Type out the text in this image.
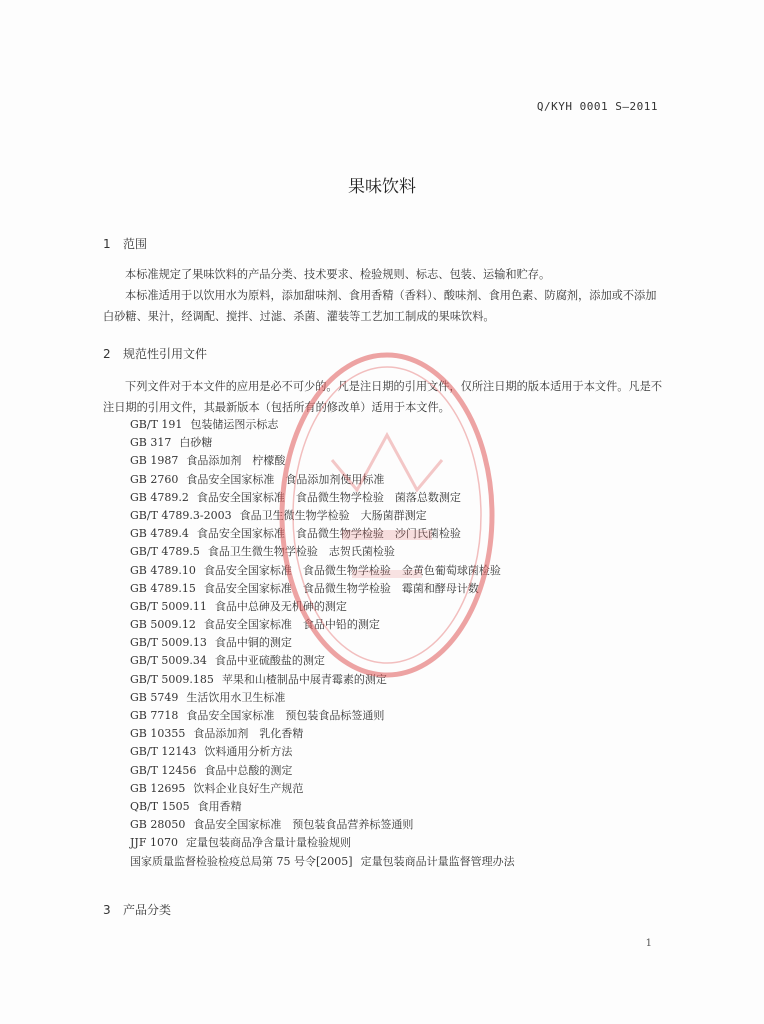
Q/KYH 0001 S—2011
果味饮料
1 范围
本标准规定了果味饮料的产品分类、技术要求、检验规则、标志、包装、运输和贮存。
本标准适用于以饮用水为原料，添加甜味剂、食用香精（香料）、酸味剂、食用色素、防腐剂，添加或不添加白砂糖、果汁，经调配、搅拌、过滤、杀菌、灌装等工艺加工制成的果味饮料。
2 规范性引用文件
下列文件对于本文件的应用是必不可少的。凡是注日期的引用文件，仅所注日期的版本适用于本文件。凡是不注日期的引用文件，其最新版本（包括所有的修改单）适用于本文件。
GB/T 191 包装储运图示标志
GB 317 白砂糖
GB 1987 食品添加剂　柠檬酸
GB 2760 食品安全国家标准　食品添加剂使用标准
GB 4789.2 食品安全国家标准　食品微生物学检验　菌落总数测定
GB/T 4789.3-2003 食品卫生微生物学检验　大肠菌群测定
GB 4789.4 食品安全国家标准　食品微生物学检验　沙门氏菌检验
GB/T 4789.5 食品卫生微生物学检验　志贺氏菌检验
GB 4789.10 食品安全国家标准　食品微生物学检验　金黄色葡萄球菌检验
GB 4789.15 食品安全国家标准　食品微生物学检验　霉菌和酵母计数
GB/T 5009.11 食品中总砷及无机砷的测定
GB 5009.12 食品安全国家标准　食品中铅的测定
GB/T 5009.13 食品中铜的测定
GB/T 5009.34 食品中亚硫酸盐的测定
GB/T 5009.185 苹果和山楂制品中展青霉素的测定
GB 5749 生活饮用水卫生标准
GB 7718 食品安全国家标准　预包装食品标签通则
GB 10355 食品添加剂　乳化香精
GB/T 12143 饮料通用分析方法
GB/T 12456 食品中总酸的测定
GB 12695 饮料企业良好生产规范
QB/T 1505 食用香精
GB 28050 食品安全国家标准　预包装食品营养标签通则
JJF 1070 定量包装商品净含量计量检验规则
国家质量监督检验检疫总局第 75 号令[2005] 定量包装商品计量监督管理办法
3 产品分类
1
